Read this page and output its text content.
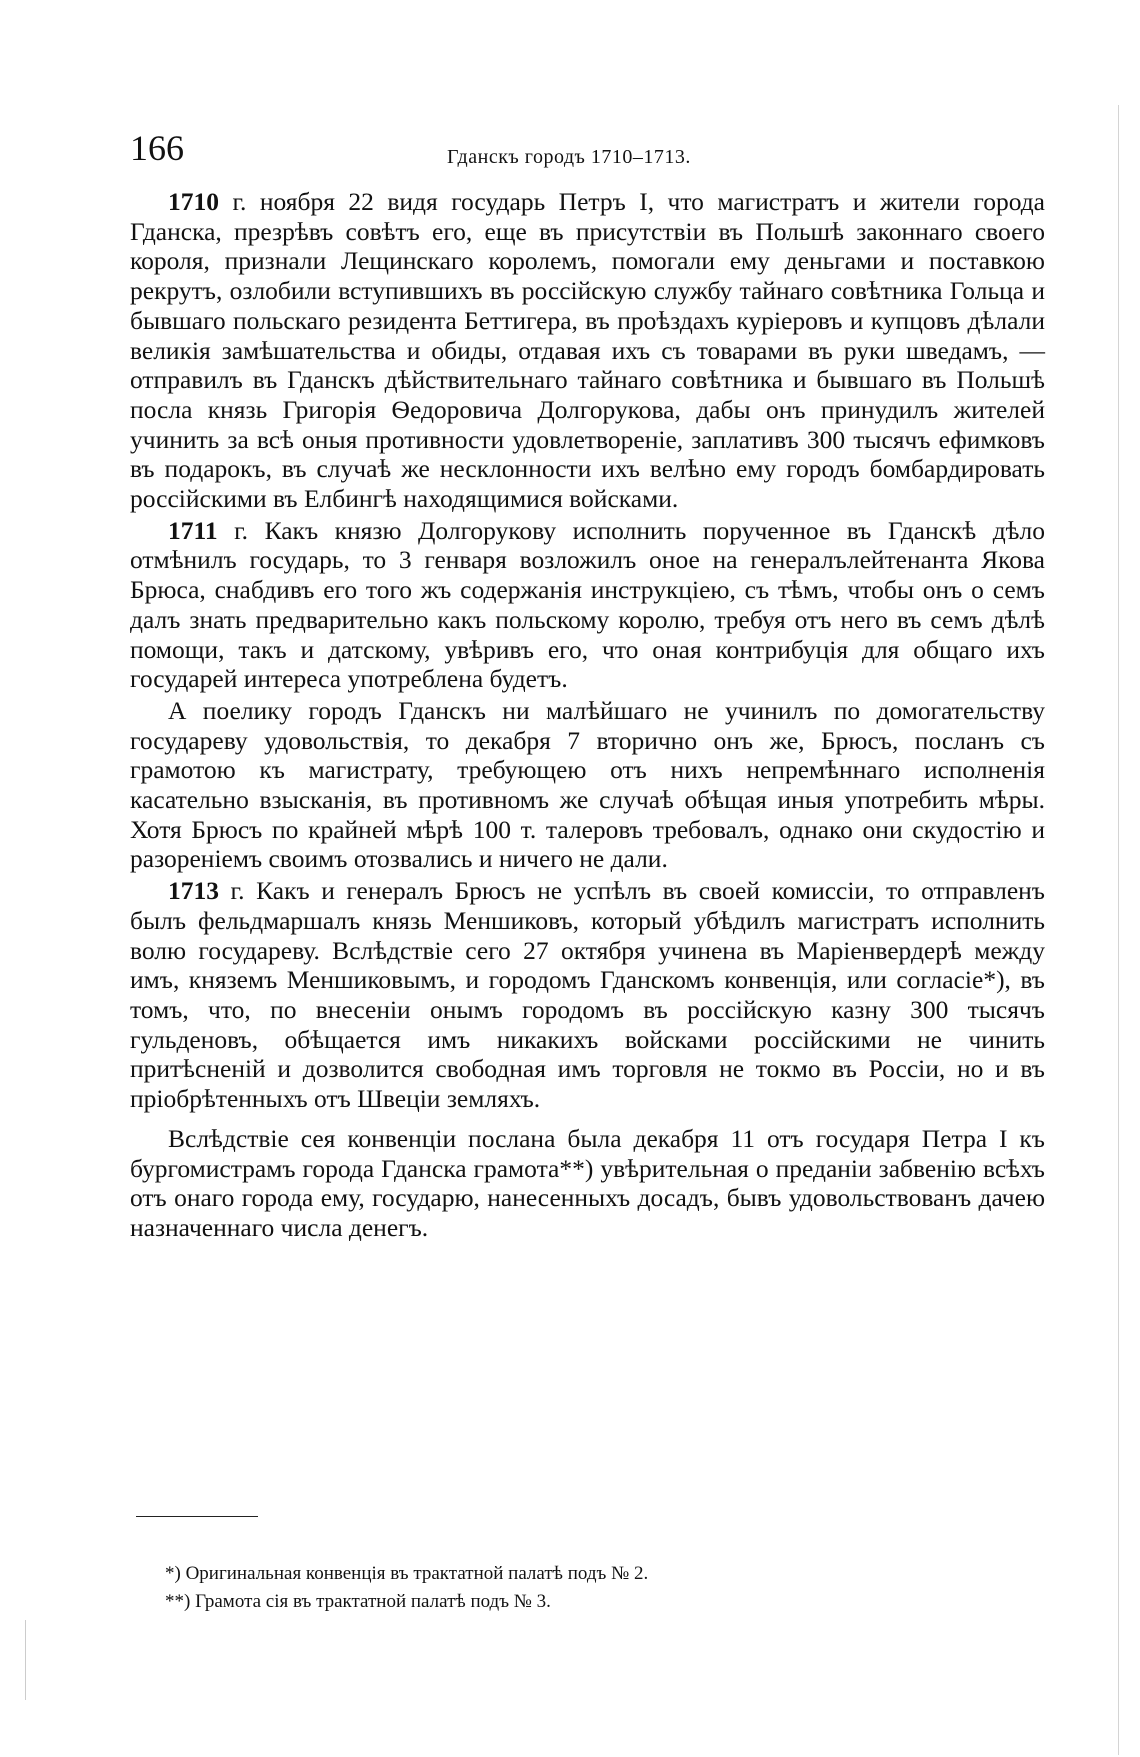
166	Гданскъ городъ 1710–1713.

1710 г. ноября 22 видя государь Петръ I, что магистратъ и жители города Гданска, презрѣвъ совѣтъ его, еще въ присутствіи въ Польшѣ законнаго своего короля, признали Лещинскаго королемъ, помогали ему деньгами и поставкою рекрутъ, озлобили вступившихъ въ россійскую службу тайнаго совѣтника Гольца и бывшаго польскаго резидента Беттигера, въ проѣздахъ куріеровъ и купцовъ дѣлали великія замѣшательства и обиды, отдавая ихъ съ товарами въ руки шведамъ, — отправилъ въ Гданскъ дѣйствительнаго тайнаго совѣтника и бывшаго въ Польшѣ посла князь Григорія Ѳедоровича Долгорукова, дабы онъ принудилъ жителей учинить за всѣ оныя противности удовлетвореніе, заплативъ 300 тысячъ ефимковъ въ подарокъ, въ случаѣ же несклонности ихъ велѣно ему городъ бомбардировать россійскими въ Елбингѣ находящимися войсками.

1711 г. Какъ князю Долгорукову исполнить порученное въ Гданскѣ дѣло отмѣнилъ государь, то 3 генваря возложилъ оное на генералълейтенанта Якова Брюса, снабдивъ его того жъ содержанія инструкціею, съ тѣмъ, чтобы онъ о семъ далъ знать предварительно какъ польскому королю, требуя отъ него въ семъ дѣлѣ помощи, такъ и датскому, увѣривъ его, что оная контрибуція для общаго ихъ государей интереса употреблена будетъ.

А поелику городъ Гданскъ ни малѣйшаго не учинилъ по домогательству государеву удовольствія, то декабря 7 вторично онъ же, Брюсъ, посланъ съ грамотою къ магистрату, требующею отъ нихъ непремѣннаго исполненія касательно взысканія, въ противномъ же случаѣ обѣщая иныя употребить мѣры. Хотя Брюсъ по крайней мѣрѣ 100 т. талеровъ требовалъ, однако они скудостію и разореніемъ своимъ отозвались и ничего не дали.

1713 г. Какъ и генералъ Брюсъ не успѣлъ въ своей комиссіи, то отправленъ былъ фельдмаршалъ князь Меншиковъ, который убѣдилъ магистратъ исполнить волю государеву. Вслѣдствіе сего 27 октября учинена въ Маріенвердерѣ между имъ, княземъ Меншиковымъ, и городомъ Гданскомъ конвенція, или согласіе*), въ томъ, что, по внесеніи онымъ городомъ въ россійскую казну 300 тысячъ гульденовъ, обѣщается имъ никакихъ войсками россійскими не чинить притѣсненій и дозволится свободная имъ торговля не токмо въ Россіи, но и въ пріобрѣтенныхъ отъ Швеціи земляхъ.

Вслѣдствіе сея конвенціи послана была декабря 11 отъ государя Петра I къ бургомистрамъ города Гданска грамота**) увѣрительная о преданіи забвенію всѣхъ отъ онаго города ему, государю, нанесенныхъ досадъ, бывъ удовольствованъ дачею назначеннаго числа денегъ.

*) Оригинальная конвенція въ трактатной палатѣ подъ № 2.
**) Грамота сія въ трактатной палатѣ подъ № 3.
